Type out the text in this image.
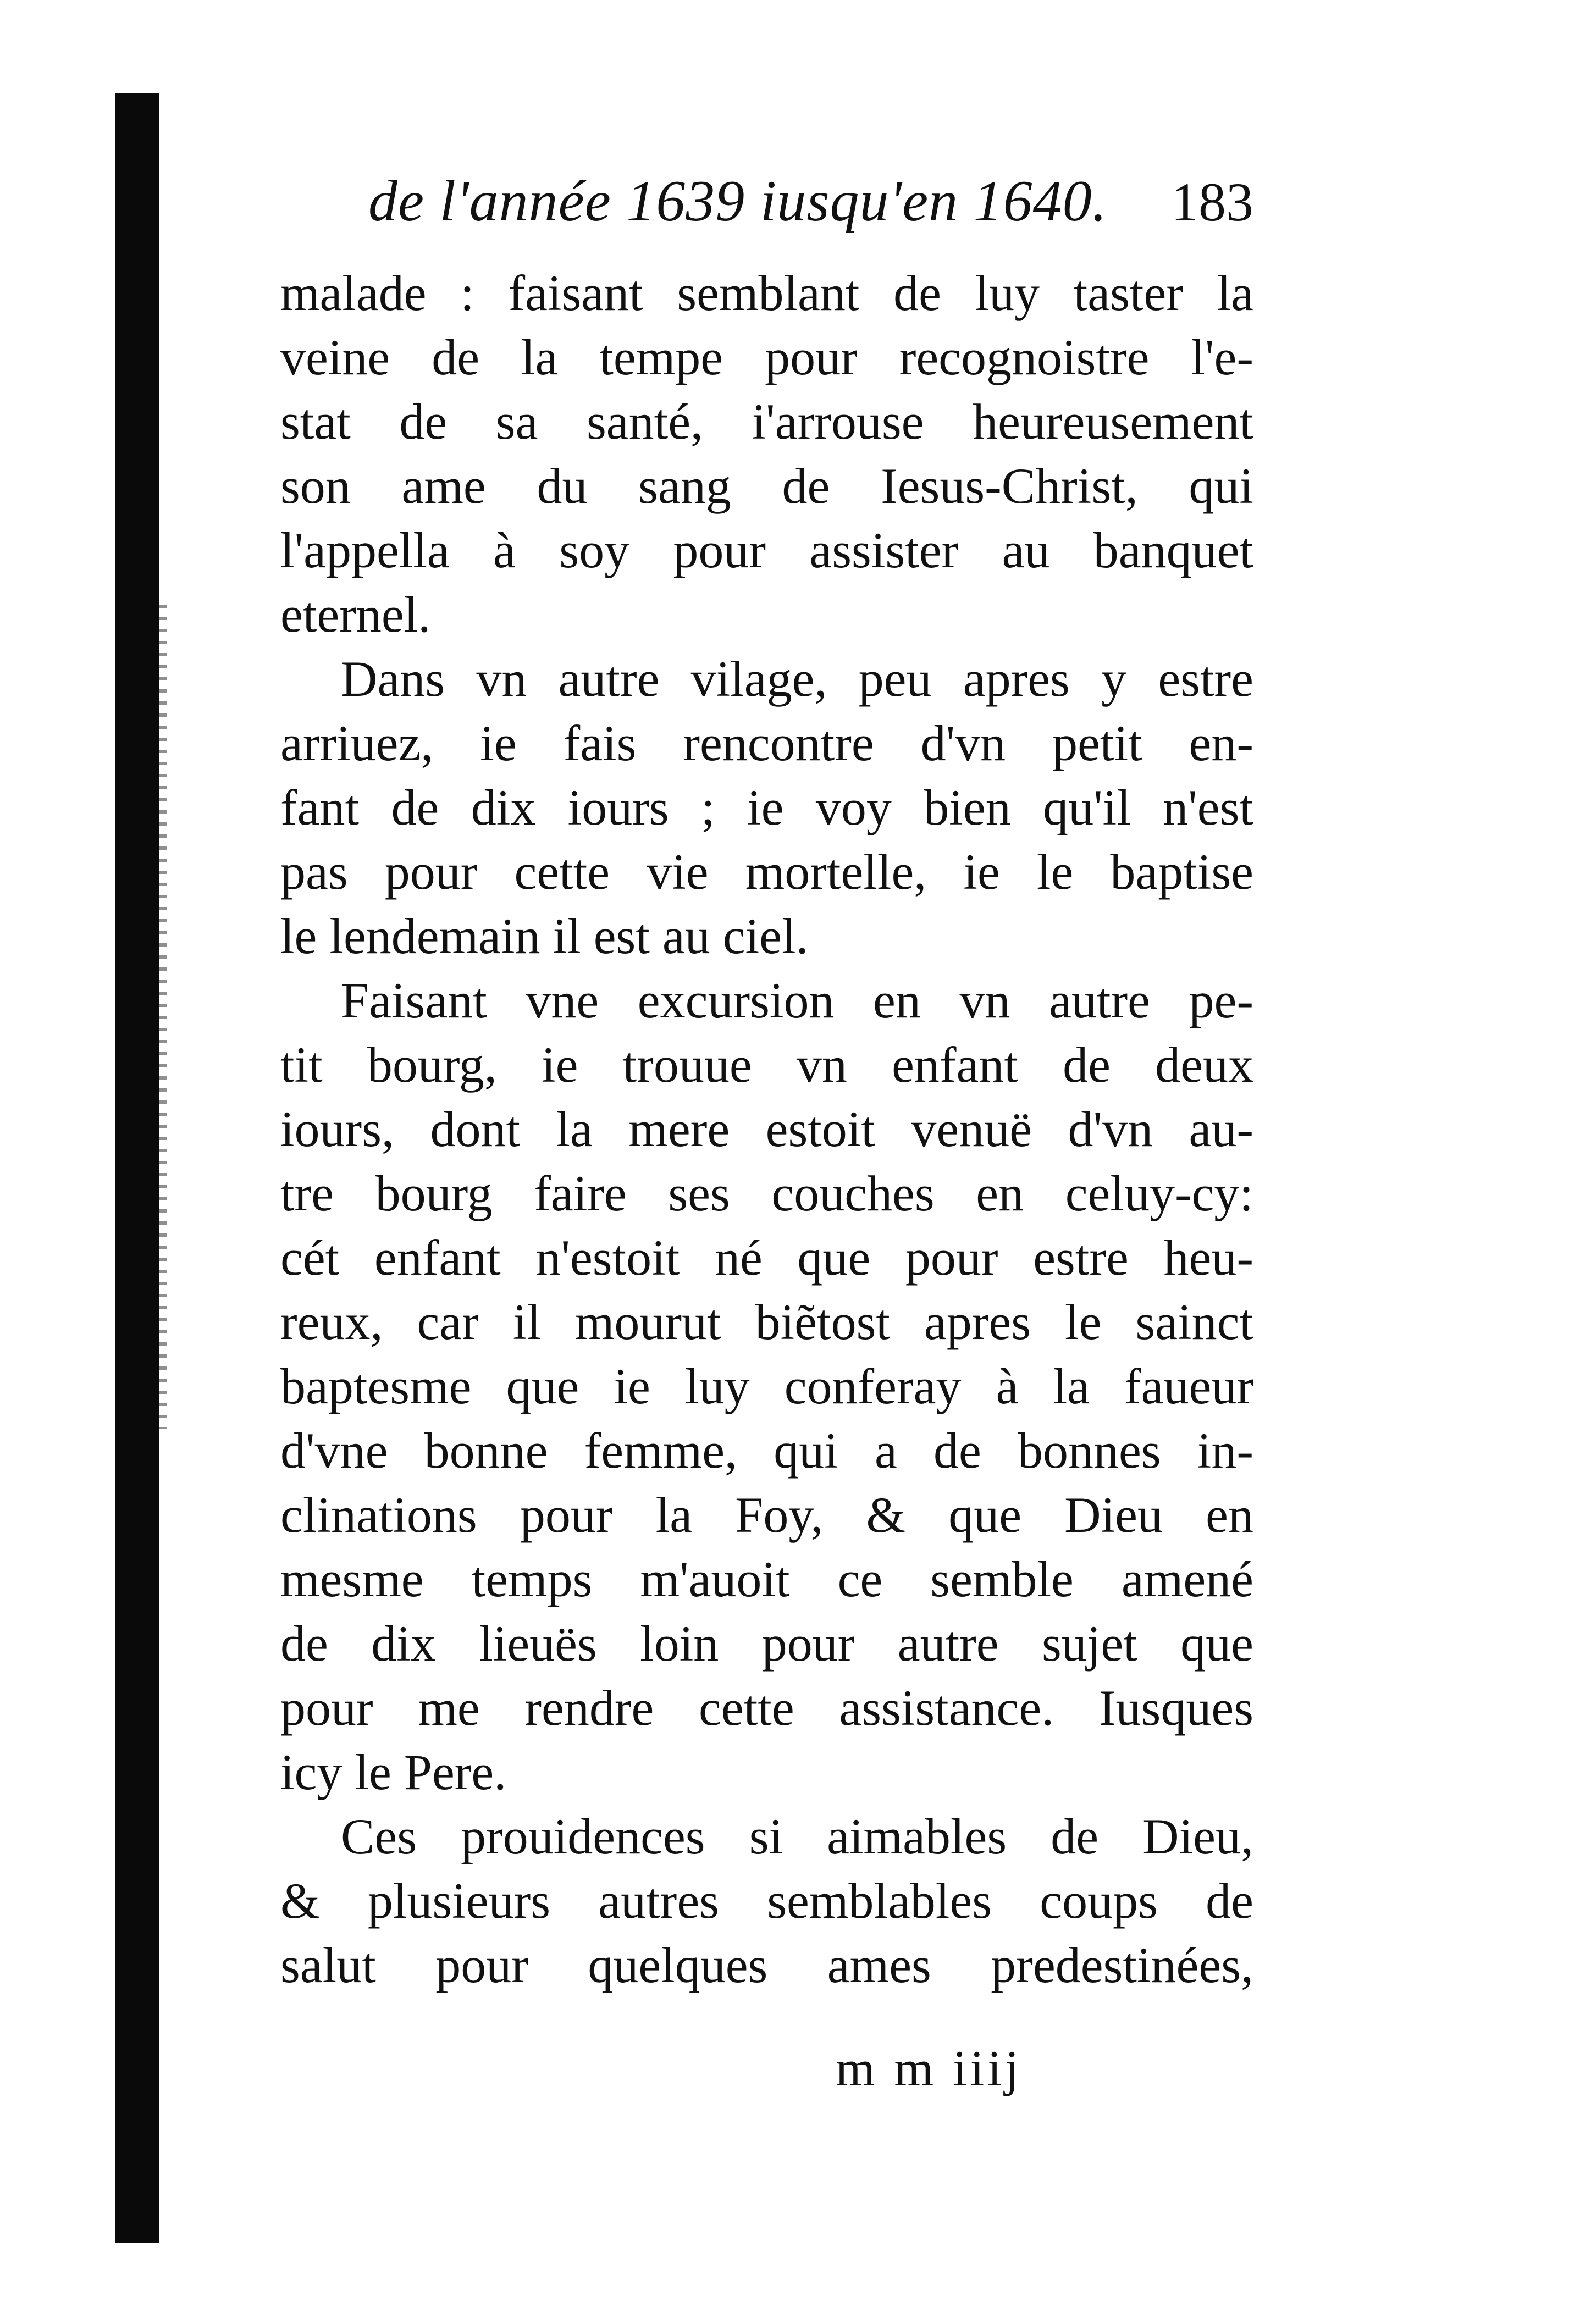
de l'année 1639 iusqu'en 1640. 183
malade : faisant semblant de luy taster la
veine de la tempe pour recognoistre l'e-
stat de sa santé, i'arrouse heureusement
son ame du sang de Iesus-Christ, qui
l'appella à soy pour assister au banquet
eternel.
Dans vn autre vilage, peu apres y estre
arriuez, ie fais rencontre d'vn petit en-
fant de dix iours ; ie voy bien qu'il n'est
pas pour cette vie mortelle, ie le baptise
le lendemain il est au ciel.
Faisant vne excursion en vn autre pe-
tit bourg, ie trouue vn enfant de deux
iours, dont la mere estoit venuë d'vn au-
tre bourg faire ses couches en celuy-cy:
cét enfant n'estoit né que pour estre heu-
reux, car il mourut biẽtost apres le sainct
baptesme que ie luy conferay à la faueur
d'vne bonne femme, qui a de bonnes in-
clinations pour la Foy, & que Dieu en
mesme temps m'auoit ce semble amené
de dix lieuës loin pour autre sujet que
pour me rendre cette assistance. Iusques
icy le Pere.
Ces prouidences si aimables de Dieu,
& plusieurs autres semblables coups de
salut pour quelques ames predestinées,
m m iiij
